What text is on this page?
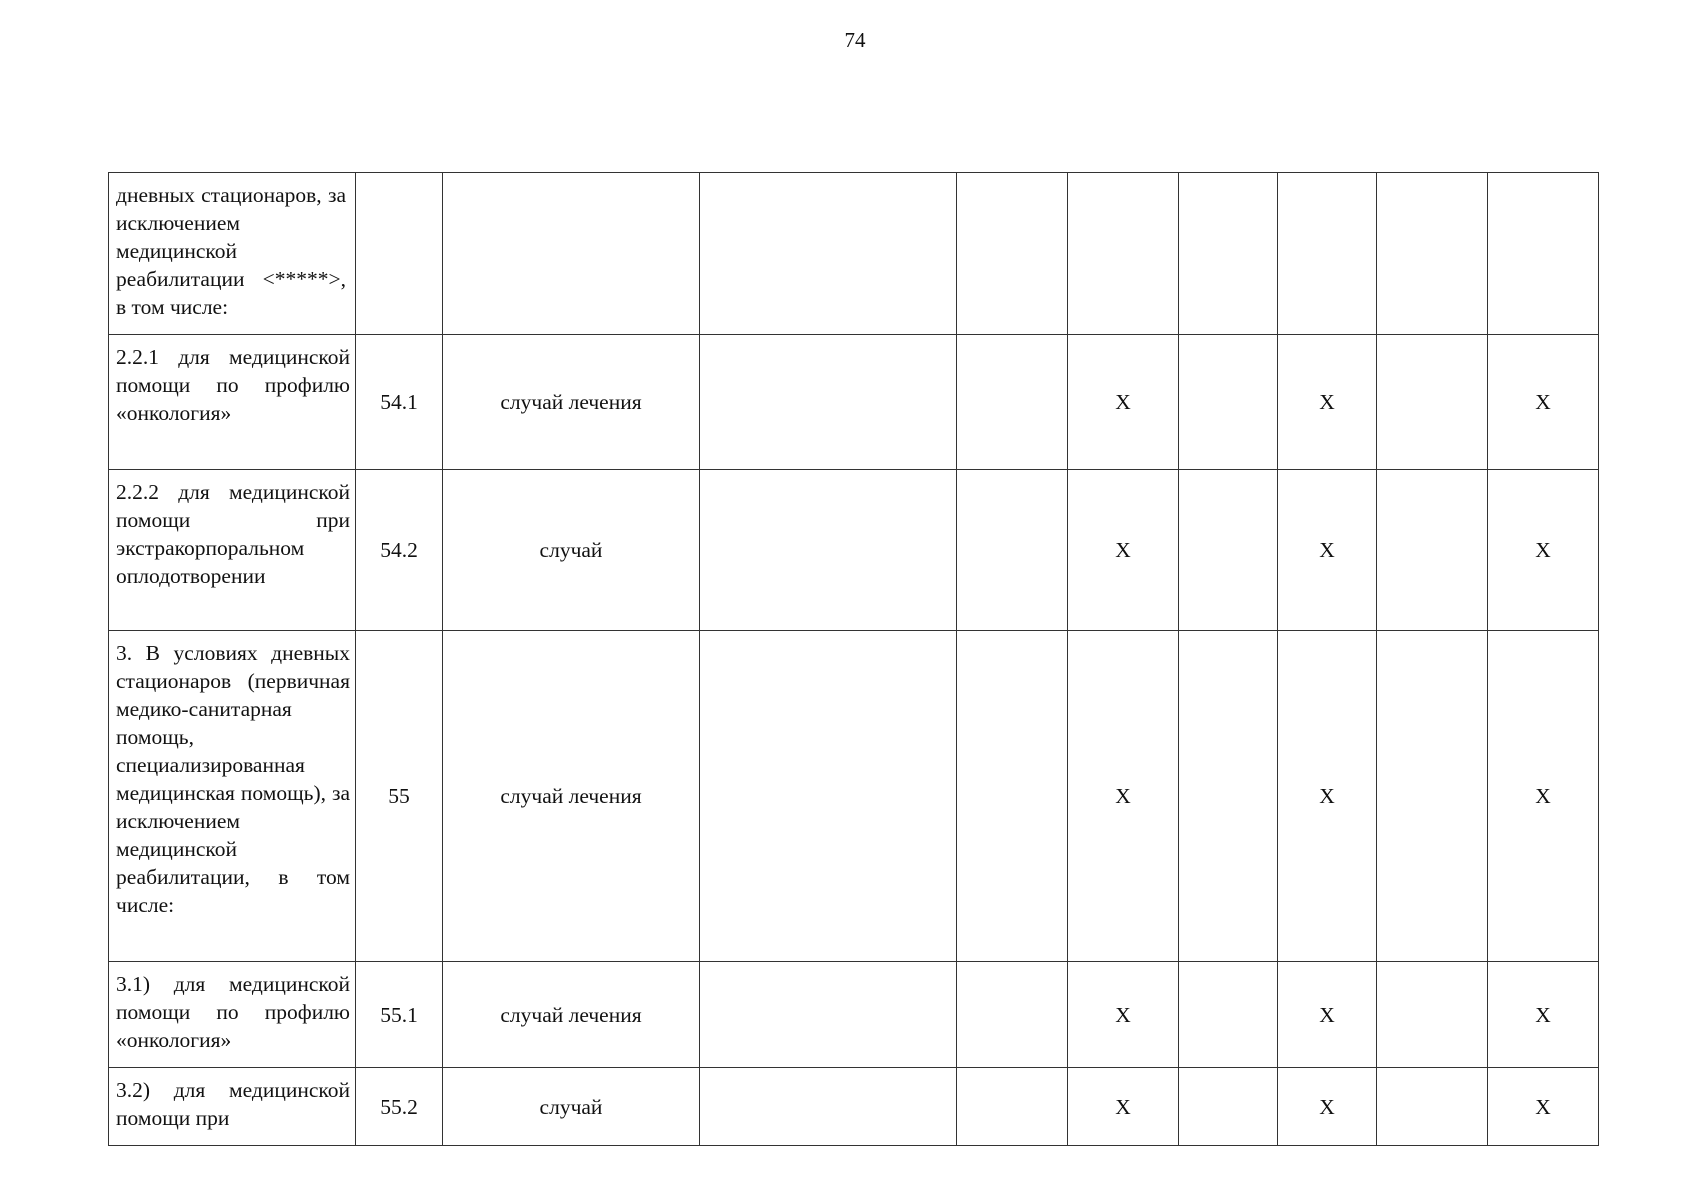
74
дневных стационаров, за исключением медицинской реабилитации <*****>, в том числе:									

2.2.1 для медицинской помощи по профилю «онкология»	54.1	случай лечения			X		X		X

2.2.2 для медицинской помощи при экстракорпоральном оплодотворении	54.2	случай			X		X		X

3. В условиях дневных стационаров (первичная медико-санитарная помощь, специализированная медицинская помощь), за исключением медицинской реабилитации, в том числе:	55	случай лечения			X		X		X

3.1) для медицинской помощи по профилю «онкология»	55.1	случай лечения			X		X		X

3.2) для медицинской помощи при	55.2	случай			X		X		X
